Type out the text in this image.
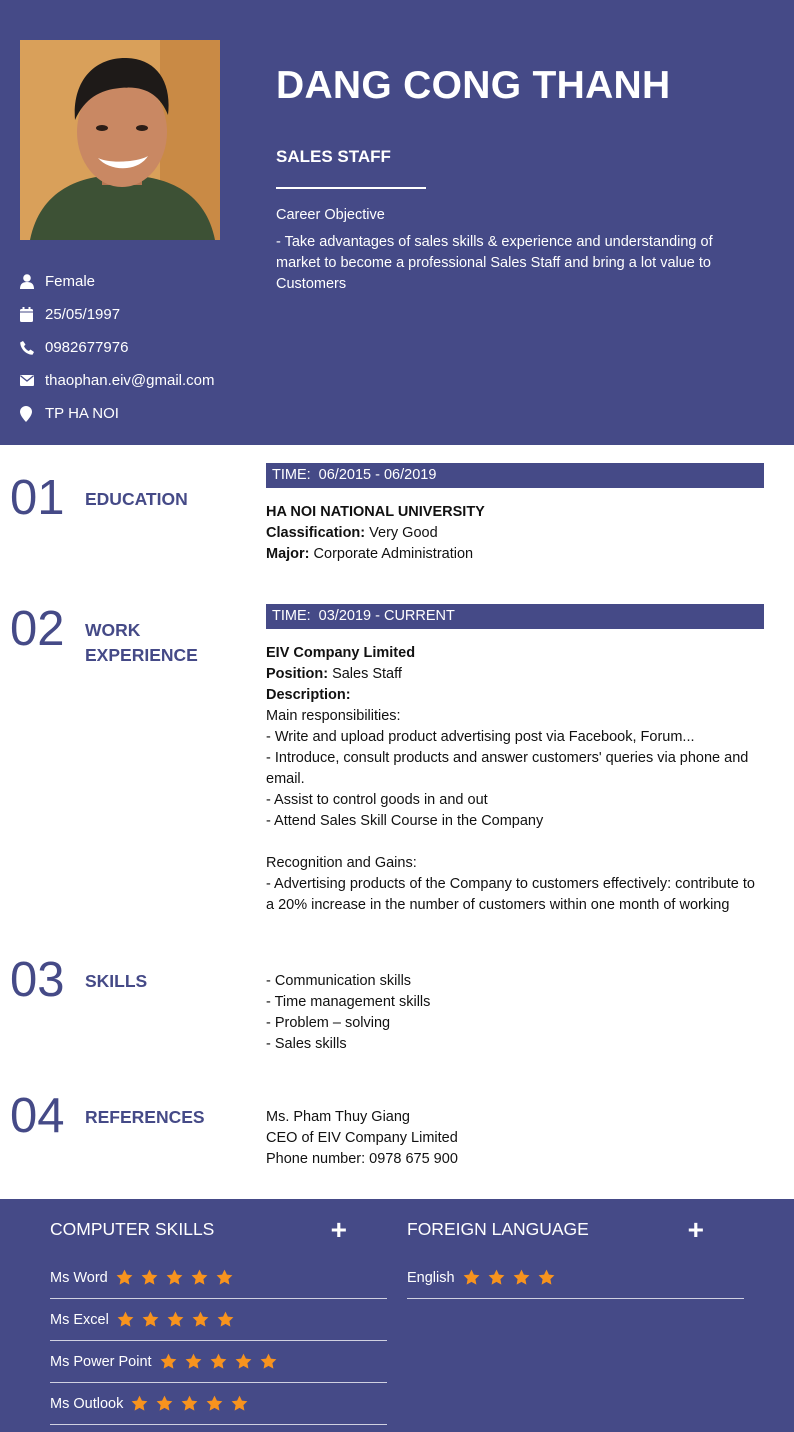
Female
25/05/1997
0982677976
thaophan.eiv@gmail.com
TP HA NOI
DANG CONG THANH
SALES STAFF
Career Objective
- Take advantages of sales skills & experience and understanding of market to become a professional Sales Staff and bring a lot value to Customers
01 EDUCATION
TIME: 06/2015 - 06/2019
HA NOI NATIONAL UNIVERSITY
Classification: Very Good
Major: Corporate Administration
02 WORK
EXPERIENCE
TIME: 03/2019 - CURRENT
EIV Company Limited
Position: Sales Staff
Description:
Main responsibilities:
- Write and upload product advertising post via Facebook, Forum...
- Introduce, consult products and answer customers' queries via phone and email.
- Assist to control goods in and out
- Attend Sales Skill Course in the Company
Recognition and Gains:
- Advertising products of the Company to customers effectively: contribute to a 20% increase in the number of customers within one month of working
03 SKILLS	- Communication skills
- Time management skills
- Problem – solving
- Sales skills
04 REFERENCES	Ms. Pham Thuy Giang
CEO of EIV Company Limited
Phone number: 0978 675 900
COMPUTER SKILLS	+
Ms Word
Ms Excel
Ms Power Point
Ms Outlook
FOREIGN LANGUAGE	+
English
